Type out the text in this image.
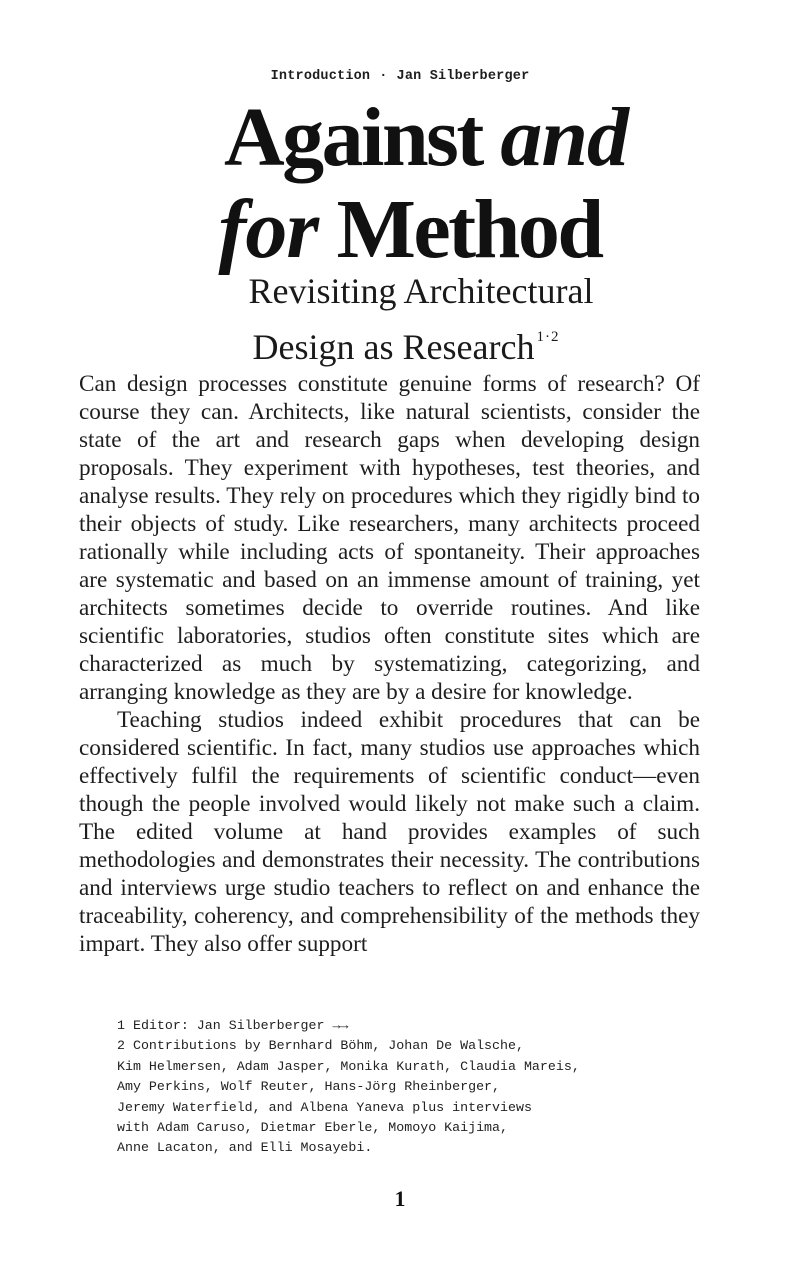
Introduction · Jan Silberberger
Against and
for Method
Revisiting Architectural
Design as Research $^{1\cdot 2}$

Can design processes constitute genuine forms of research? Of course they can. Architects, like natural scientists, consider the state of the art and research gaps when developing design proposals. They experiment with hypotheses, test theories, and analyse results. They rely on procedures which they rigidly bind to their objects of study. Like researchers, many architects proceed rationally while including acts of spontaneity. Their approaches are systematic and based on an immense amount of training, yet architects sometimes decide to override routines. And like scientific laboratories, studios often constitute sites which are characterized as much by systematizing, categorizing, and arranging knowledge as they are by a desire for knowledge.

Teaching studios indeed exhibit procedures that can be considered scientific. In fact, many studios use approaches which effectively fulfil the requirements of scientific conduct—even though the people involved would likely not make such a claim. The edited volume at hand provides examples of such methodologies and demonstrates their necessity. The contributions and interviews urge studio teachers to reflect on and enhance the traceability, coherency, and comprehensibility of the methods they impart. They also offer support

1 Editor: Jan Silberberger →→
2 Contributions by Bernhard Böhm, Johan De Walsche,
Kim Helmersen, Adam Jasper, Monika Kurath, Claudia Mareis,
Amy Perkins, Wolf Reuter, Hans-Jörg Rheinberger,
Jeremy Waterfield, and Albena Yaneva plus interviews
with Adam Caruso, Dietmar Eberle, Momoyo Kaijima,
Anne Lacaton, and Elli Mosayebi.
1
